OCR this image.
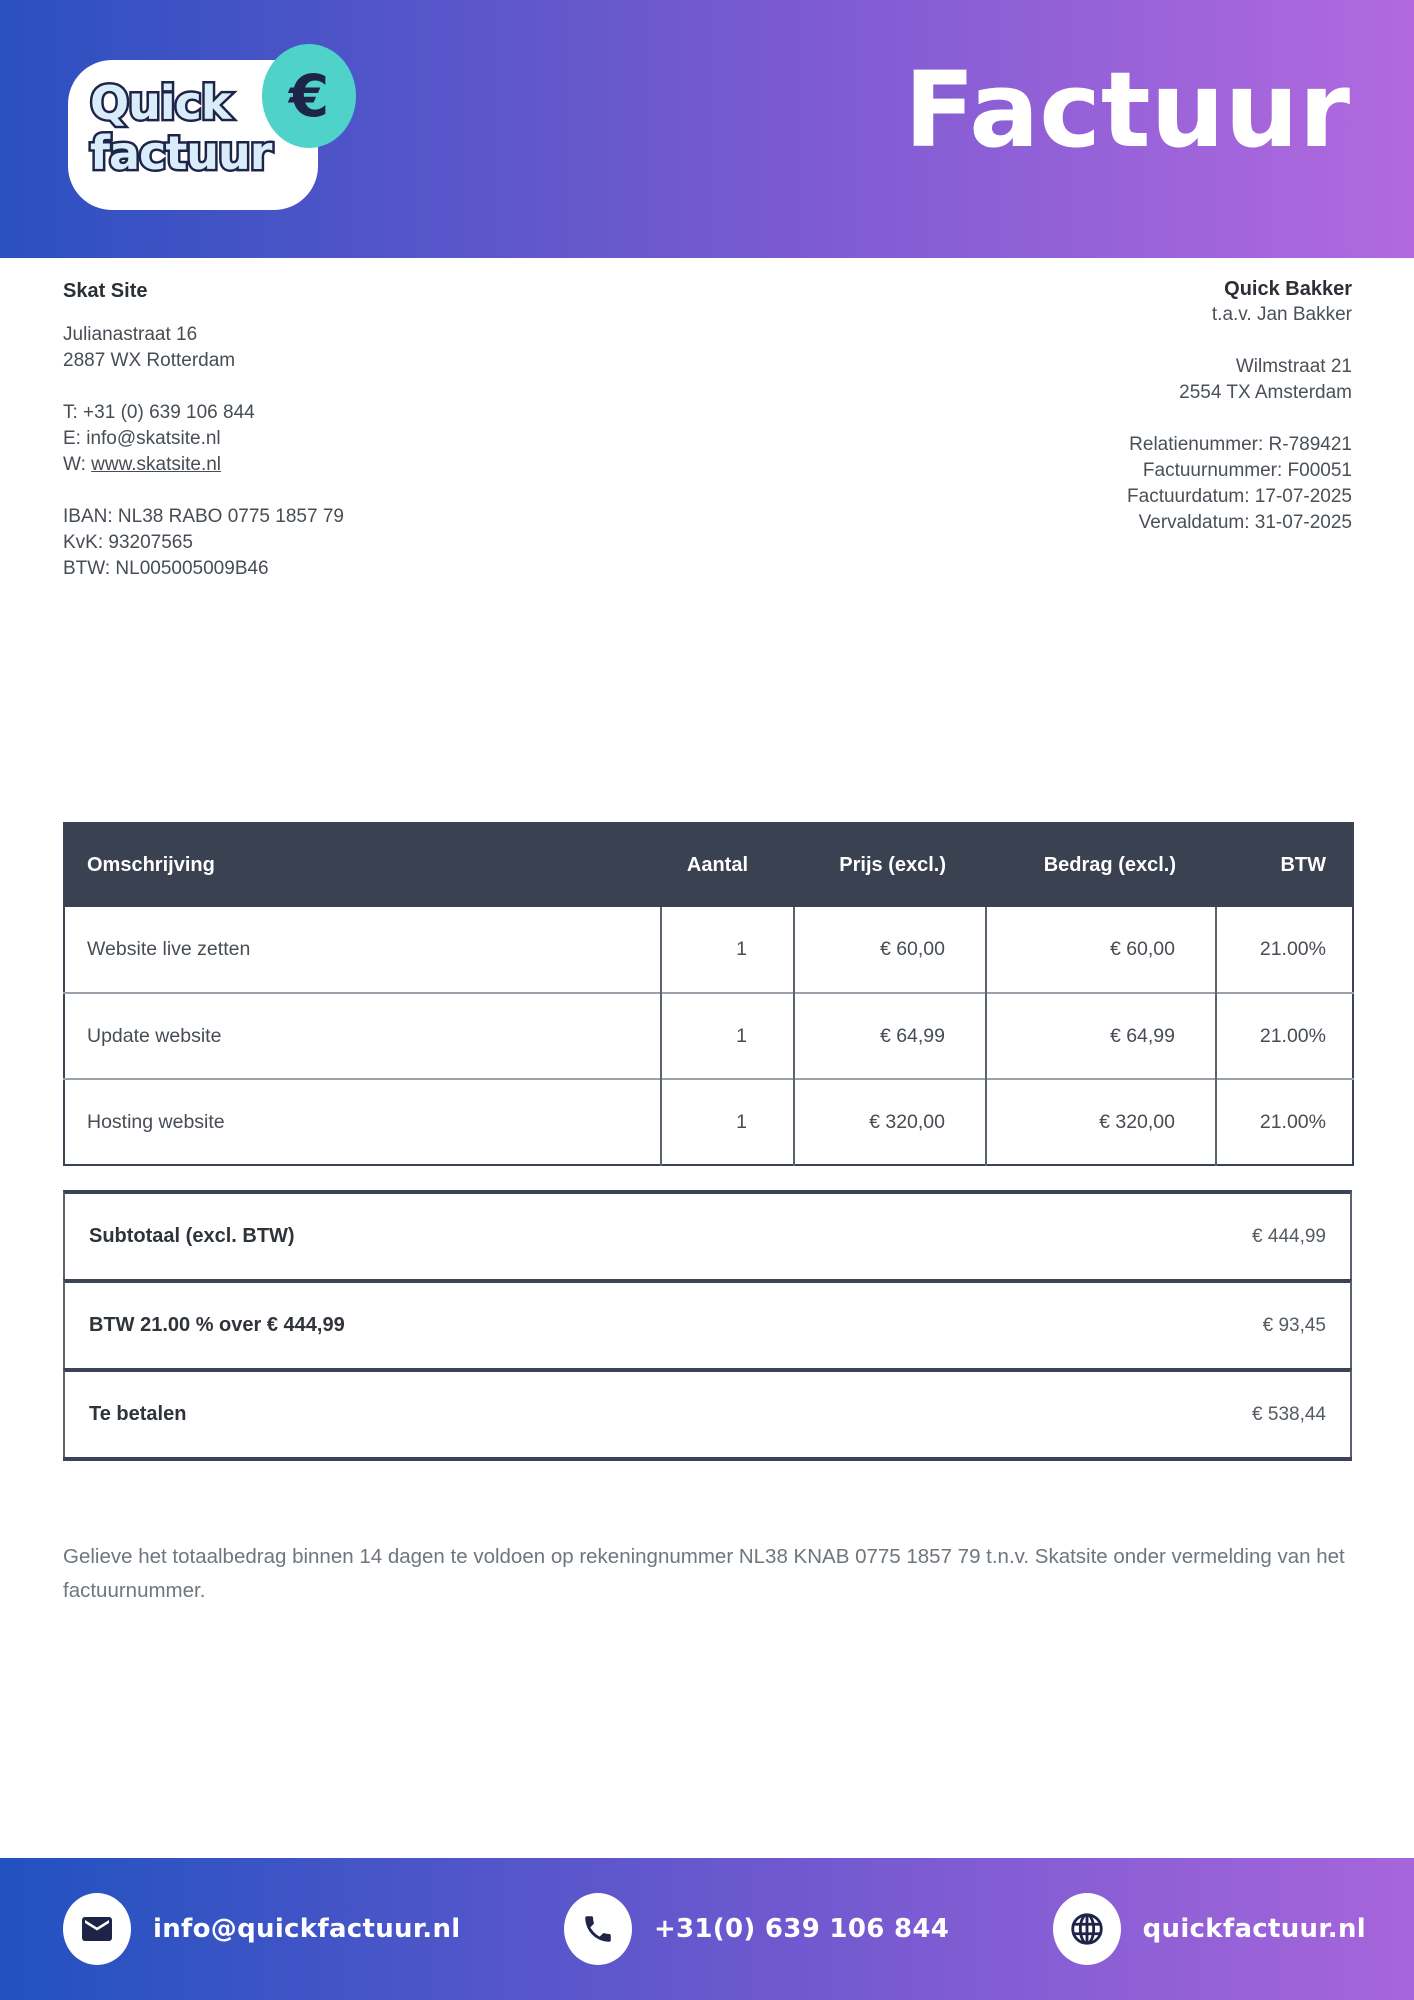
Quick
factuur
€	Factuur
Skat Site
Julianastraat 16
2887 WX Rotterdam
T: +31 (0) 639 106 844
E: info@skatsite.nl
W: www.skatsite.nl
IBAN: NL38 RABO 0775 1857 79
KvK: 93207565
BTW: NL005005009B46
Quick Bakker
t.a.v. Jan Bakker
Wilmstraat 21
2554 TX Amsterdam
Relatienummer: R-789421
Factuurnummer: F00051
Factuurdatum: 17-07-2025
Vervaldatum: 31-07-2025
Omschrijving	Aantal	Prijs (excl.)	Bedrag (excl.)	BTW
Website live zetten	1	€ 60,00	€ 60,00	21.00%
Update website	1	€ 64,99	€ 64,99	21.00%
Hosting website	1	€ 320,00	€ 320,00	21.00%
Subtotaal (excl. BTW)	€ 444,99
BTW 21.00 % over € 444,99	€ 93,45
Te betalen	€ 538,44
Gelieve het totaalbedrag binnen 14 dagen te voldoen op rekeningnummer NL38 KNAB 0775 1857 79 t.n.v. Skatsite onder vermelding van het factuurnummer.
info@quickfactuur.nl	+31(0) 639 106 844	quickfactuur.nl
